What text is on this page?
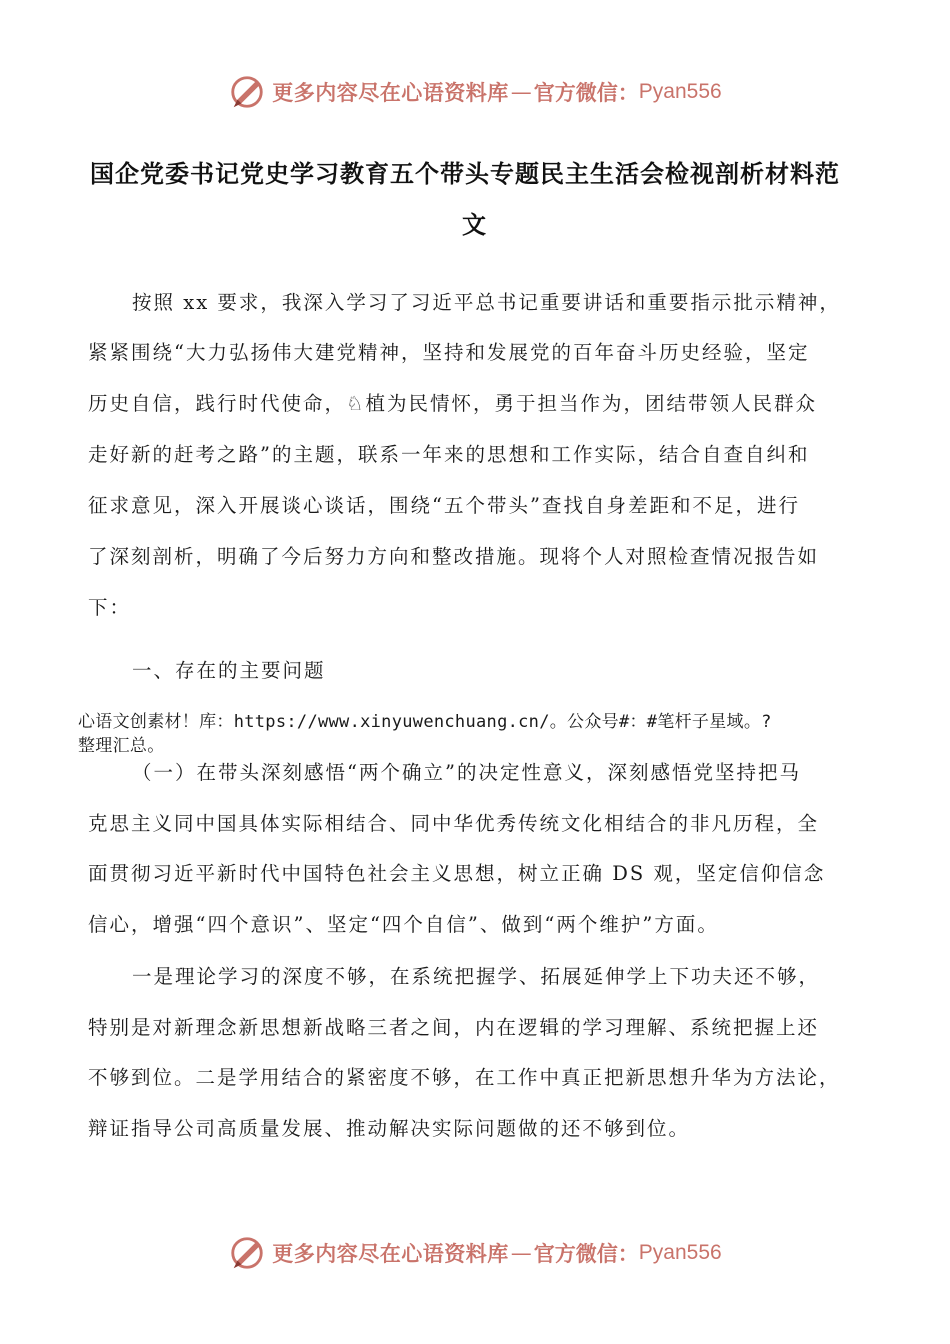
更多内容尽在心语资料库 — 官方微信： Pyan556
国企党委书记党史学习教育五个带头专题民主生活会检视剖析材料范
文
按照 xx 要求，我深入学习了习近平总书记重要讲话和重要指示批示精神，
紧紧围绕“大力弘扬伟大建党精神，坚持和发展党的百年奋斗历史经验，坚定
历史自信，践行时代使命，♘植为民情怀，勇于担当作为，团结带领人民群众
走好新的赶考之路”的主题，联系一年来的思想和工作实际，结合自查自纠和
征求意见，深入开展谈心谈话，围绕“五个带头”查找自身差距和不足，进行
了深刻剖析，明确了今后努力方向和整改措施。现将个人对照检查情况报告如
下：
一、存在的主要问题
心语文创素材！库：https://www.xinyuwenchuang.cn/。公众号#：#笔杆子星域。?
整理汇总。
（一）在带头深刻感悟“两个确立”的决定性意义，深刻感悟党坚持把马
克思主义同中国具体实际相结合、同中华优秀传统文化相结合的非凡历程，全
面贯彻习近平新时代中国特色社会主义思想，树立正确 DS 观，坚定信仰信念
信心，增强“四个意识”、坚定“四个自信”、做到“两个维护”方面。
一是理论学习的深度不够，在系统把握学、拓展延伸学上下功夫还不够，
特别是对新理念新思想新战略三者之间，内在逻辑的学习理解、系统把握上还
不够到位。二是学用结合的紧密度不够，在工作中真正把新思想升华为方法论，
辩证指导公司高质量发展、推动解决实际问题做的还不够到位。
更多内容尽在心语资料库 — 官方微信： Pyan556
